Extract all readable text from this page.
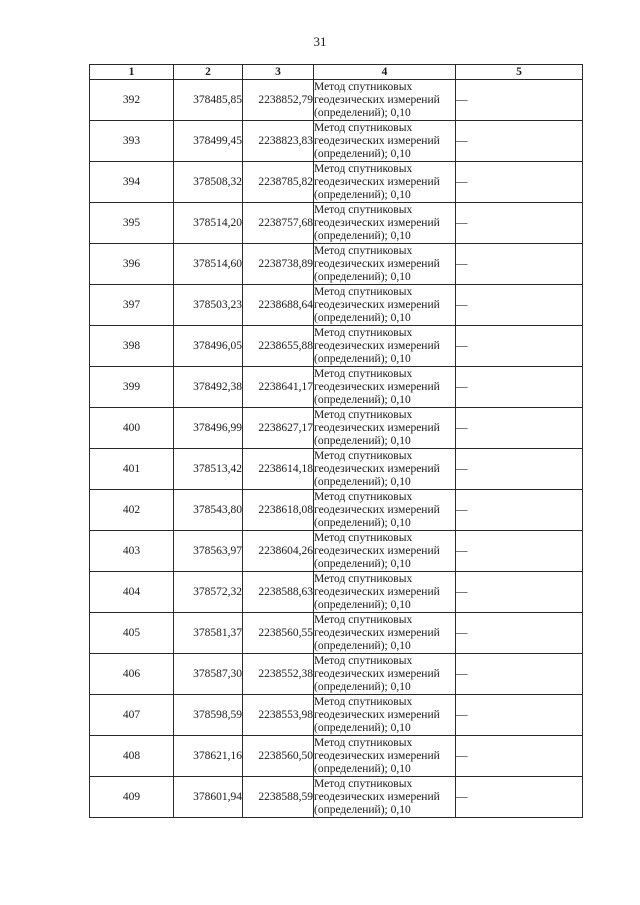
31
1	2	3	4	5
392	378485,85	2238852,79	Метод спутниковых геодезических измерений (определений); 0,10	—
393	378499,45	2238823,83	Метод спутниковых геодезических измерений (определений); 0,10	—
394	378508,32	2238785,82	Метод спутниковых геодезических измерений (определений); 0,10	—
395	378514,20	2238757,68	Метод спутниковых геодезических измерений (определений); 0,10	—
396	378514,60	2238738,89	Метод спутниковых геодезических измерений (определений); 0,10	—
397	378503,23	2238688,64	Метод спутниковых геодезических измерений (определений); 0,10	—
398	378496,05	2238655,88	Метод спутниковых геодезических измерений (определений); 0,10	—
399	378492,38	2238641,17	Метод спутниковых геодезических измерений (определений); 0,10	—
400	378496,99	2238627,17	Метод спутниковых геодезических измерений (определений); 0,10	—
401	378513,42	2238614,18	Метод спутниковых геодезических измерений (определений); 0,10	—
402	378543,80	2238618,08	Метод спутниковых геодезических измерений (определений); 0,10	—
403	378563,97	2238604,26	Метод спутниковых геодезических измерений (определений); 0,10	—
404	378572,32	2238588,63	Метод спутниковых геодезических измерений (определений); 0,10	—
405	378581,37	2238560,55	Метод спутниковых геодезических измерений (определений); 0,10	—
406	378587,30	2238552,38	Метод спутниковых геодезических измерений (определений); 0,10	—
407	378598,59	2238553,98	Метод спутниковых геодезических измерений (определений); 0,10	—
408	378621,16	2238560,50	Метод спутниковых геодезических измерений (определений); 0,10	—
409	378601,94	2238588,59	Метод спутниковых геодезических измерений (определений); 0,10	—
